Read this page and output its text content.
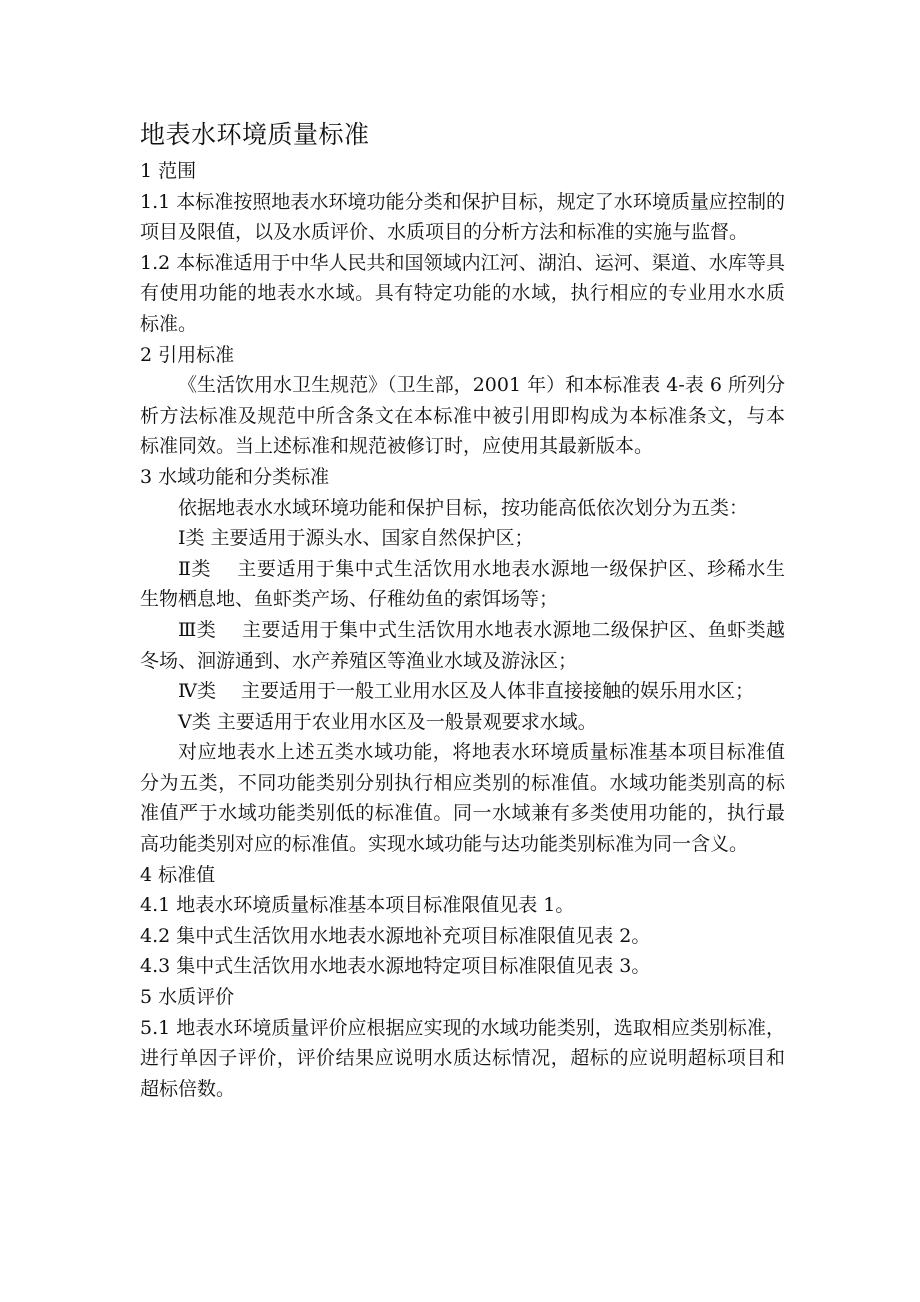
地表水环境质量标准

1 范围

1.1 本标准按照地表水环境功能分类和保护目标，规定了水环境质量应控制的项目及限值，以及水质评价、水质项目的分析方法和标准的实施与监督。

1.2 本标准适用于中华人民共和国领域内江河、湖泊、运河、渠道、水库等具有使用功能的地表水水域。具有特定功能的水域，执行相应的专业用水水质标准。

2 引用标准

《生活饮用水卫生规范》（卫生部，2001 年）和本标准表 4-表 6 所列分析方法标准及规范中所含条文在本标准中被引用即构成为本标准条文，与本标准同效。当上述标准和规范被修订时，应使用其最新版本。

3 水域功能和分类标准

依据地表水水域环境功能和保护目标，按功能高低依次划分为五类：

Ⅰ类 主要适用于源头水、国家自然保护区；

Ⅱ类　 主要适用于集中式生活饮用水地表水源地一级保护区、珍稀水生生物栖息地、鱼虾类产场、仔稚幼鱼的索饵场等；

Ⅲ类　 主要适用于集中式生活饮用水地表水源地二级保护区、鱼虾类越冬场、洄游通到、水产养殖区等渔业水域及游泳区；

Ⅳ类　 主要适用于一般工业用水区及人体非直接接触的娱乐用水区；

Ⅴ类 主要适用于农业用水区及一般景观要求水域。

对应地表水上述五类水域功能，将地表水环境质量标准基本项目标准值分为五类，不同功能类别分别执行相应类别的标准值。水域功能类别高的标准值严于水域功能类别低的标准值。同一水域兼有多类使用功能的，执行最高功能类别对应的标准值。实现水域功能与达功能类别标准为同一含义。

4 标准值

4.1 地表水环境质量标准基本项目标准限值见表 1。

4.2 集中式生活饮用水地表水源地补充项目标准限值见表 2。

4.3 集中式生活饮用水地表水源地特定项目标准限值见表 3。

5 水质评价

5.1 地表水环境质量评价应根据应实现的水域功能类别，选取相应类别标准，进行单因子评价，评价结果应说明水质达标情况，超标的应说明超标项目和超标倍数。
